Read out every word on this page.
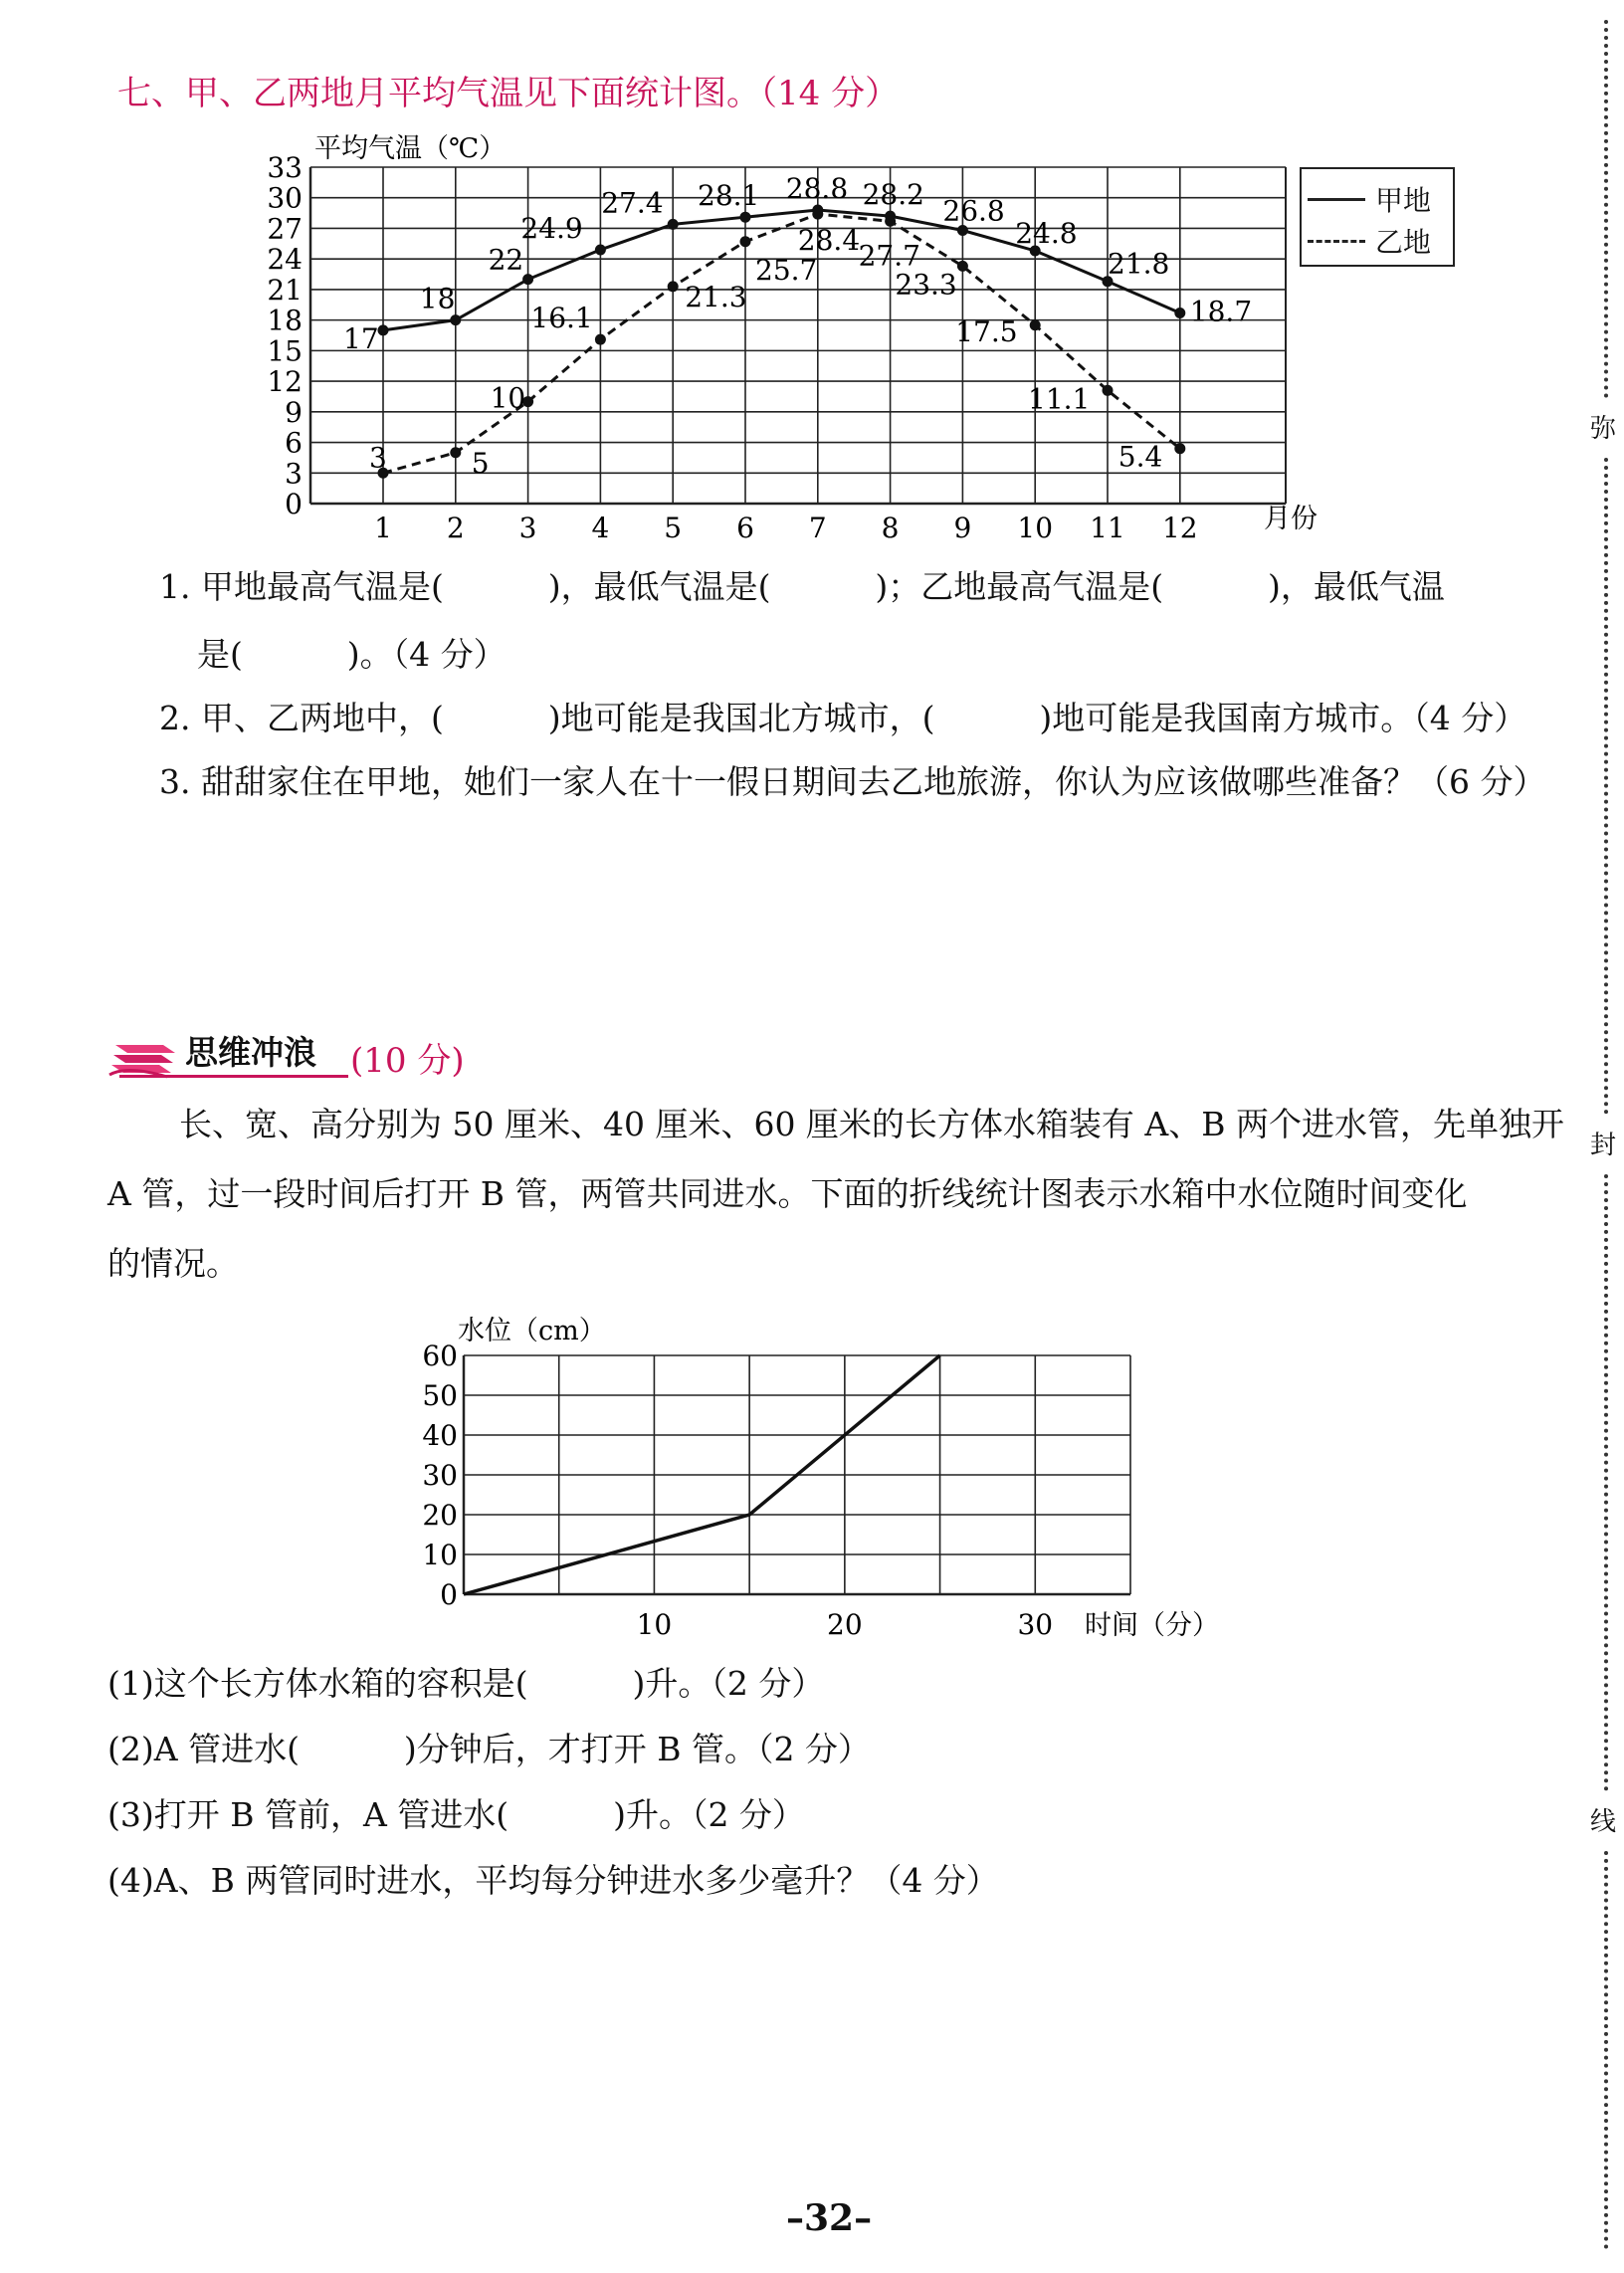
七、甲、乙两地月平均气温见下面统计图。（14 分）
0
3
6
9
12
15
18
21
24
27
30
33
1 2 3 4 5 6 7 8 9 10 11 12
平均气温（℃）
月份
17
18
22
24.9
27.4 28.1 28.8 28.2 26.8
24.8
21.8
18.7
3	5
10
16.1
21.3
25.7
28.4
27.7
23.3
17.5
11.1
5.4
甲地
乙地
1. 甲地最高气温是(          )，最低气温是(          )；乙地最高气温是(          )，最低气温
是(          )。（4 分）
2. 甲、乙两地中，(          )地可能是我国北方城市，(          )地可能是我国南方城市。（4 分）
3. 甜甜家住在甲地，她们一家人在十一假日期间去乙地旅游，你认为应该做哪些准备？（6 分）
思维冲浪 (10 分)
长、宽、高分别为 50 厘米、40 厘米、60 厘米的长方体水箱装有 A、B 两个进水管，先单独开
A 管，过一段时间后打开 B 管，两管共同进水。下面的折线统计图表示水箱中水位随时间变化
的情况。
0
10
20
30
40
50
60
10	20	30
水位（cm）
时间（分）
(1)这个长方体水箱的容积是(          )升。（2 分）
(2)A 管进水(          )分钟后，才打开 B 管。（2 分）
(3)打开 B 管前，A 管进水(          )升。（2 分）
(4)A、B 两管同时进水，平均每分钟进水多少毫升？（4 分）
弥
封
线
–32–
